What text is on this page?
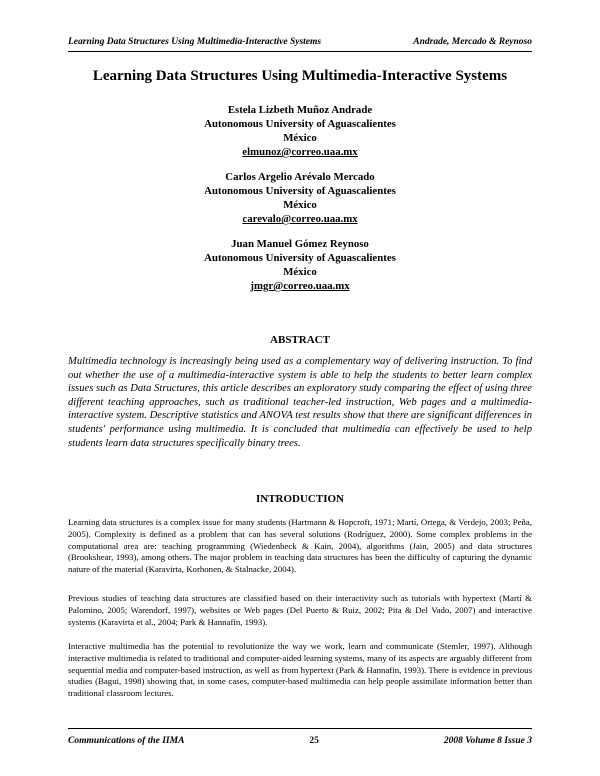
Learning Data Structures Using Multimedia-Interactive Systems	Andrade, Mercado & Reynoso
Learning Data Structures Using Multimedia-Interactive Systems
Estela Lizbeth Muñoz Andrade
Autonomous University of Aguascalientes
México
elmunoz@correo.uaa.mx
Carlos Argelio Arévalo Mercado
Autonomous University of Aguascalientes
México
carevalo@correo.uaa.mx
Juan Manuel Gómez Reynoso
Autonomous University of Aguascalientes
México
jmgr@correo.uaa.mx
ABSTRACT
Multimedia technology is increasingly being used as a complementary way of delivering instruction. To find out whether the use of a multimedia-interactive system is able to help the students to better learn complex issues such as Data Structures, this article describes an exploratory study comparing the effect of using three different teaching approaches, such as traditional teacher-led instruction, Web pages and a multimedia-interactive system. Descriptive statistics and ANOVA test results show that there are significant differences in students' performance using multimedia. It is concluded that multimedia can effectively be used to help students learn data structures specifically binary trees.
INTRODUCTION
Learning data structures is a complex issue for many students (Hartmann & Hopcroft, 1971; Martí, Ortega, & Verdejo, 2003; Peña, 2005). Complexity is defined as a problem that can has several solutions (Rodríguez, 2000). Some complex problems in the computational area are: teaching programming (Wiedenbeck & Kain, 2004), algorithms (Jain, 2005) and data structures (Brookshear, 1993), among others. The major problem in teaching data structures has been the difficulty of capturing the dynamic nature of the material (Karavirta, Korhonen, & Stalnacke, 2004).
Previous studies of teaching data structures are classified based on their interactivity such as tutorials with hypertext (Martí & Palomino, 2005; Warendorf, 1997), websites or Web pages (Del Puerto & Ruiz, 2002; Pita & Del Vado, 2007) and interactive systems (Karavirta et al., 2004; Park & Hannafin, 1993).
Interactive multimedia has the potential to revolutionize the way we work, learn and communicate (Stemler, 1997). Although interactive multimedia is related to traditional and computer-aided learning systems, many of its aspects are arguably different from sequential media and computer-based instruction, as well as from hypertext (Park & Hannafin, 1993). There is evidence in previous studies (Bagui, 1998) showing that, in some cases, computer-based multimedia can help people assimilate information better than traditional classroom lectures.
Communications of the IIMA	25	2008 Volume 8 Issue 3
